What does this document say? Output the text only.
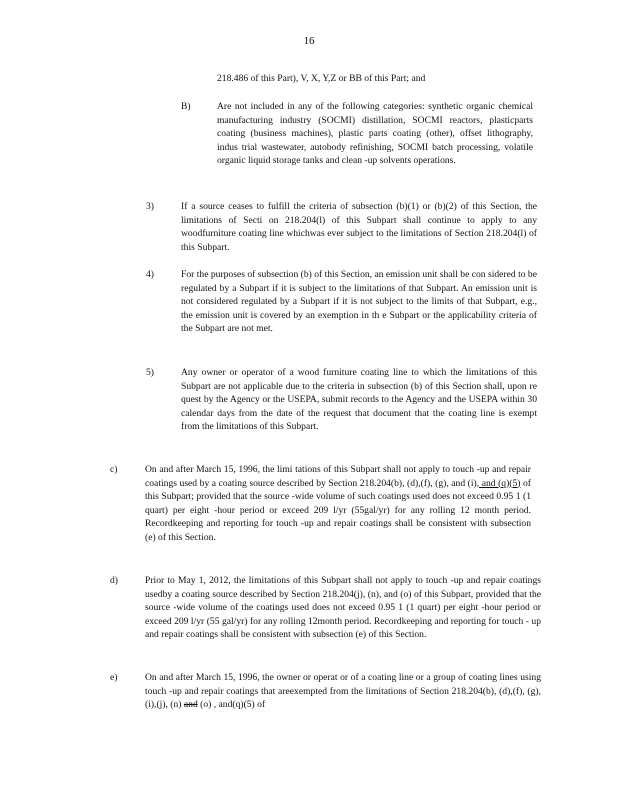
16
218.486 of this Part), V, X, Y,Z or BB of this Part; and
B)	Are not included in any of the following categories: synthetic organic chemical manufacturing industry (SOCMI) distillation, SOCMI reactors, plasticparts coating (business machines), plastic parts coating (other), offset lithography, indus trial wastewater, autobody refinishing, SOCMI batch processing, volatile organic liquid storage tanks and clean -up solvents operations.
3)	If a source ceases to fulfill the criteria of subsection (b)(1) or (b)(2) of this Section, the limitations of Secti on 218.204(l) of this Subpart shall continue to apply to any woodfurniture coating line whichwas ever subject to the limitations of Section 218.204(l) of this Subpart.
4)	For the purposes of subsection (b) of this Section, an emission unit shall be con sidered to be regulated by a Subpart if it is subject to the limitations of that Subpart. An emission unit is not considered regulated by a Subpart if it is not subject to the limits of that Subpart, e.g., the emission unit is covered by an exemption in th e Subpart or the applicability criteria of the Subpart are not met.
5)	Any owner or operator of a wood furniture coating line to which the limitations of this Subpart are not applicable due to the criteria in subsection (b) of this Section shall, upon re quest by the Agency or the USEPA, submit records to the Agency and the USEPA within 30 calendar days from the date of the request that document that the coating line is exempt from the limitations of this Subpart.
c)	On and after March 15, 1996, the limi tations of this Subpart shall not apply to touch -up and repair coatings used by a coating source described by Section 218.204(b), (d),(f), (g), and (i), and (q)(5) of this Subpart; provided that the source -wide volume of such coatings used does not exceed 0.95 1 (1 quart) per eight -hour period or exceed 209 l/yr (55gal/yr) for any rolling 12 month period. Recordkeeping and reporting for touch -up and repair coatings shall be consistent with subsection (e) of this Section.
d)	Prior to May 1, 2012, the limitations of this Subpart shall not apply to touch -up and repair coatings usedby a coating source described by Section 218.204(j), (n), and (o) of this Subpart, provided that the source -wide volume of the coatings used does not exceed 0.95 1 (1 quart) per eight -hour period or exceed 209 l/yr (55 gal/yr) for any rolling 12month period. Recordkeeping and reporting for touch - up and repair coatings shall be consistent with subsection (e) of this Section.
e)	On and after March 15, 1996, the owner or operat or of a coating line or a group of coating lines using touch -up and repair coatings that areexempted from the limitations of Section 218.204(b), (d),(f), (g), (i),(j), (n) and (o) , and(q)(5) of
